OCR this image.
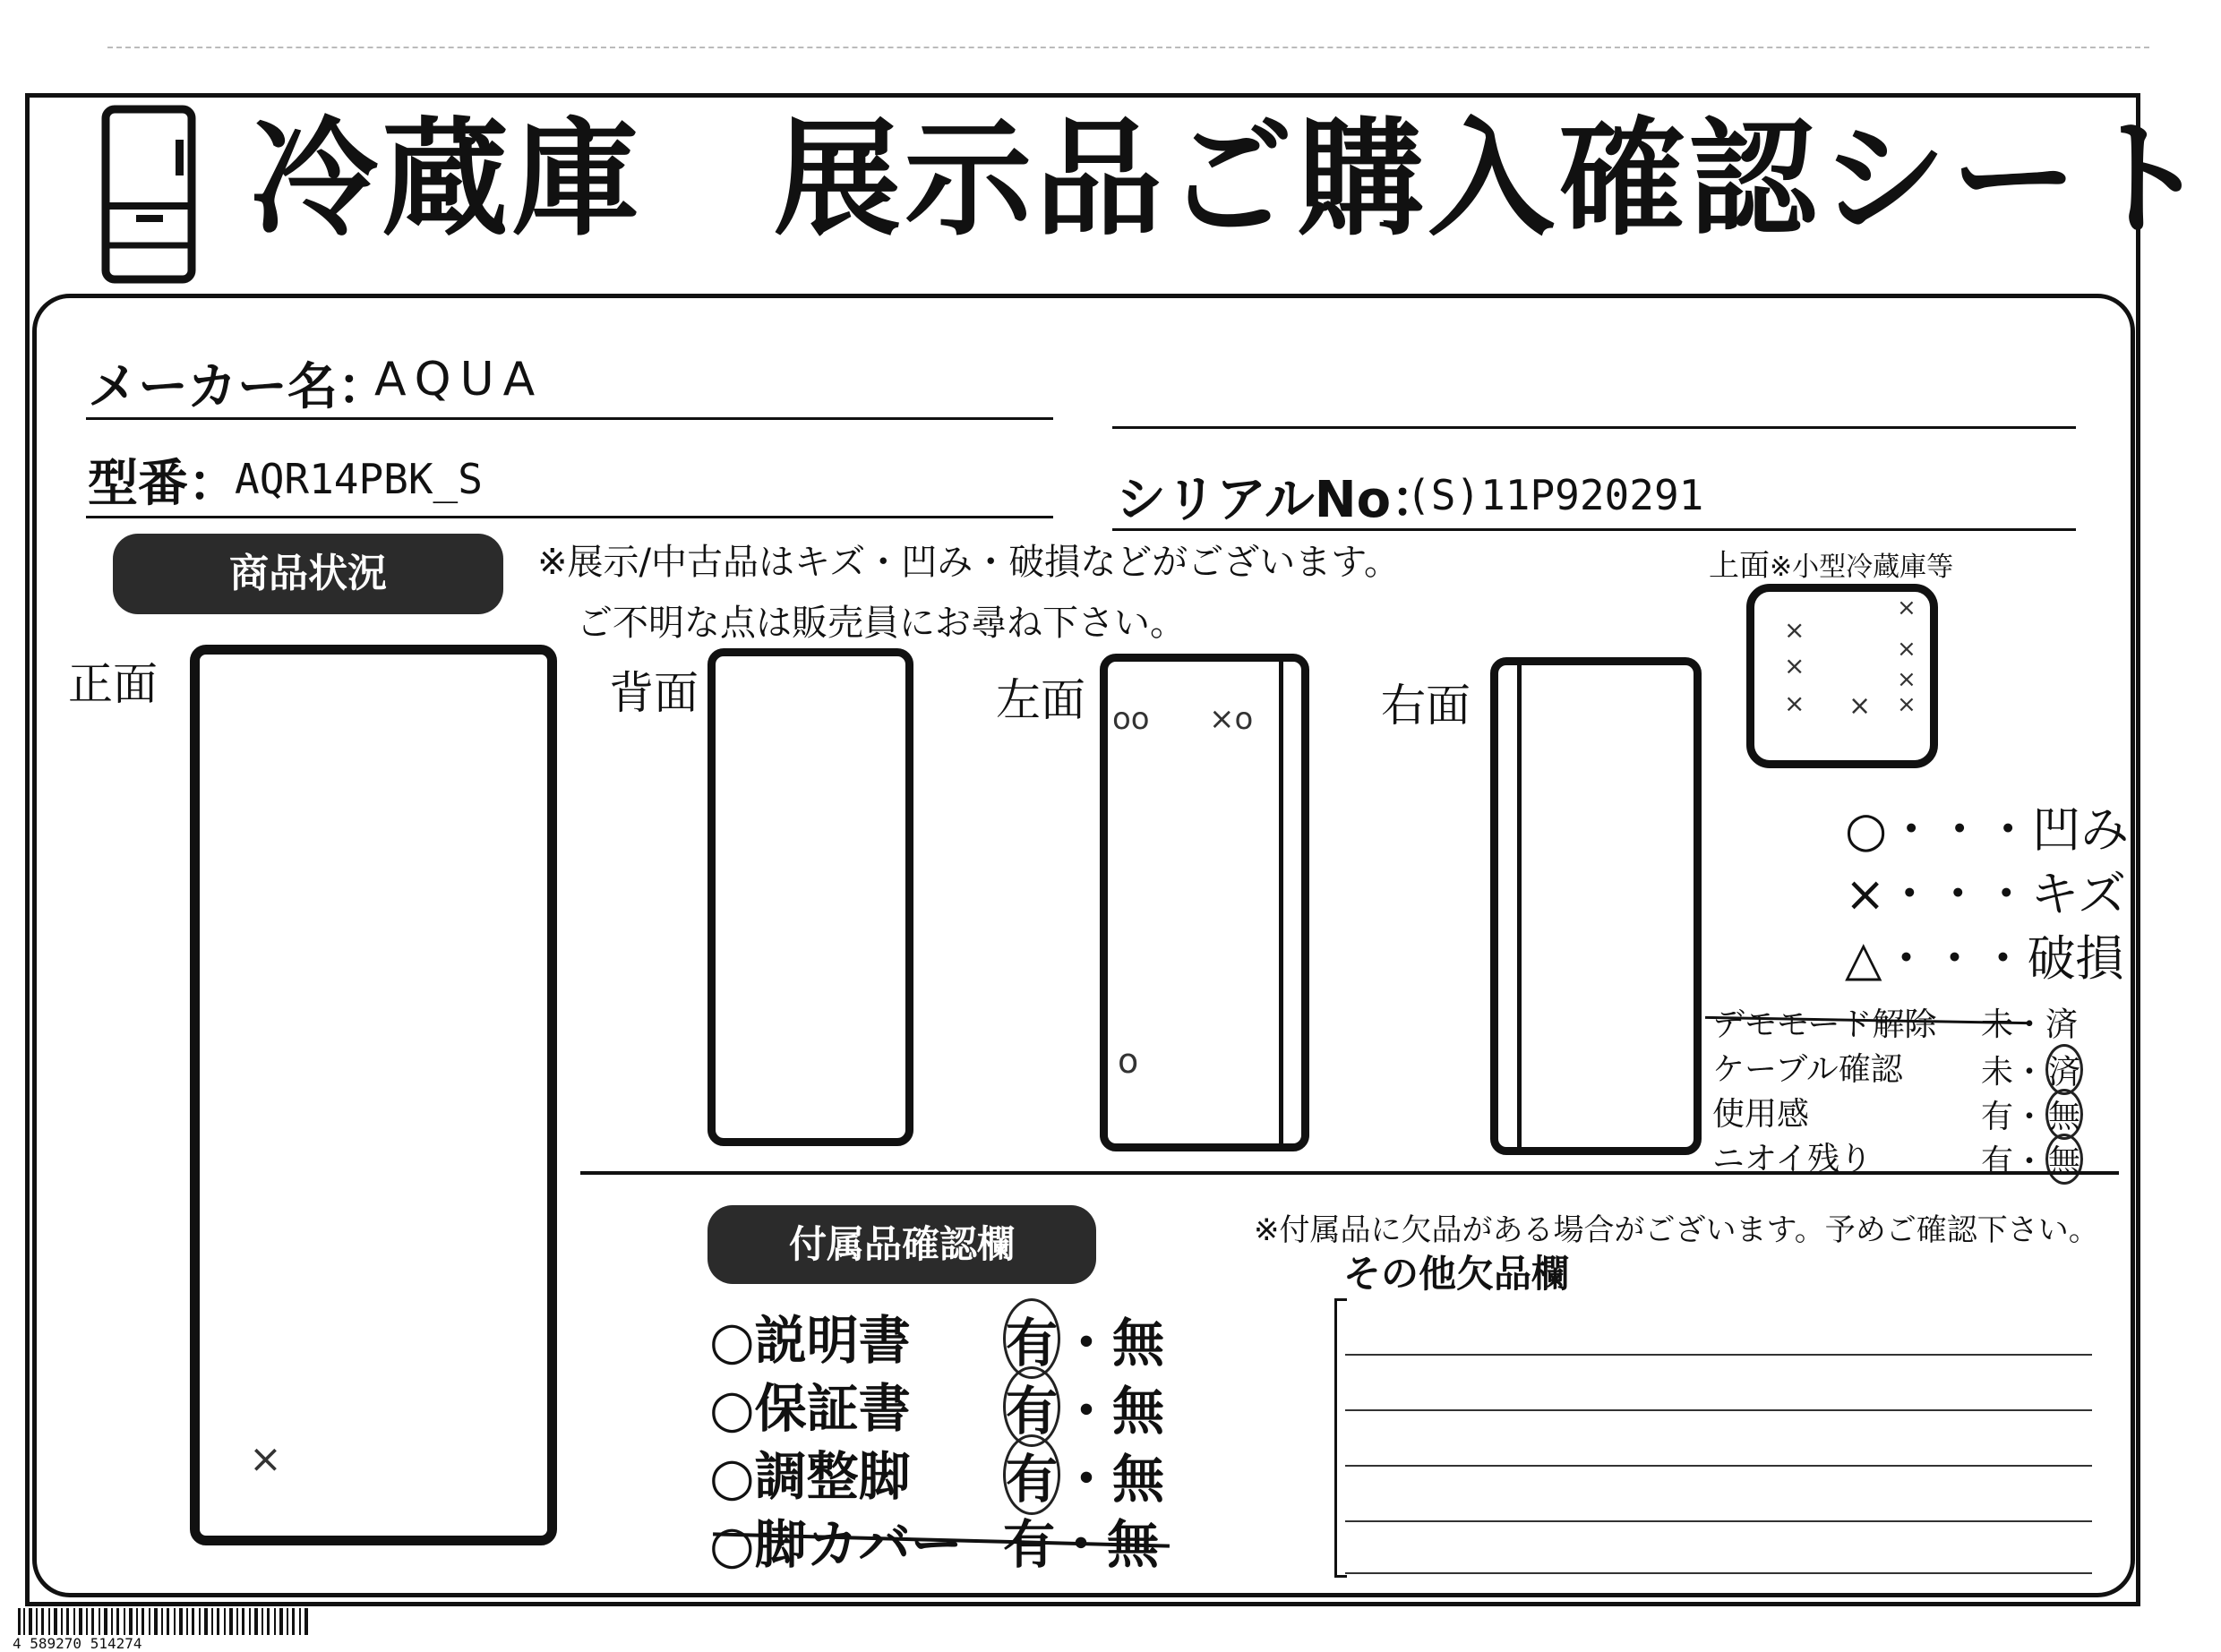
冷蔵庫　展示品ご購入確認シート
メーカー名：
AQUA
型番：
AQR14PBK_S	シリアルNo：
(S)11P920291
商品状況	※展示/中古品はキズ・凹み・破損などがございます。
ご不明な点は販売員にお尋ね下さい。
正面	背面	左面	右面
上面※小型冷蔵庫等
×
oo ×o
o
×
×
× ×
×
×
×
×
○・・・凹み
×・・・キズ
△・・・破損
デモモード解除 未・済
ケーブル確認 未・済
使用感	有・無
ニオイ残り	有・無
付属品確認欄	※付属品に欠品がある場合がございます。予めご確認下さい。
その他欠品欄
○説明書 有・無
○保証書 有・無
○調整脚 有・無
○脚カバー 有・無
4 589270 514274
